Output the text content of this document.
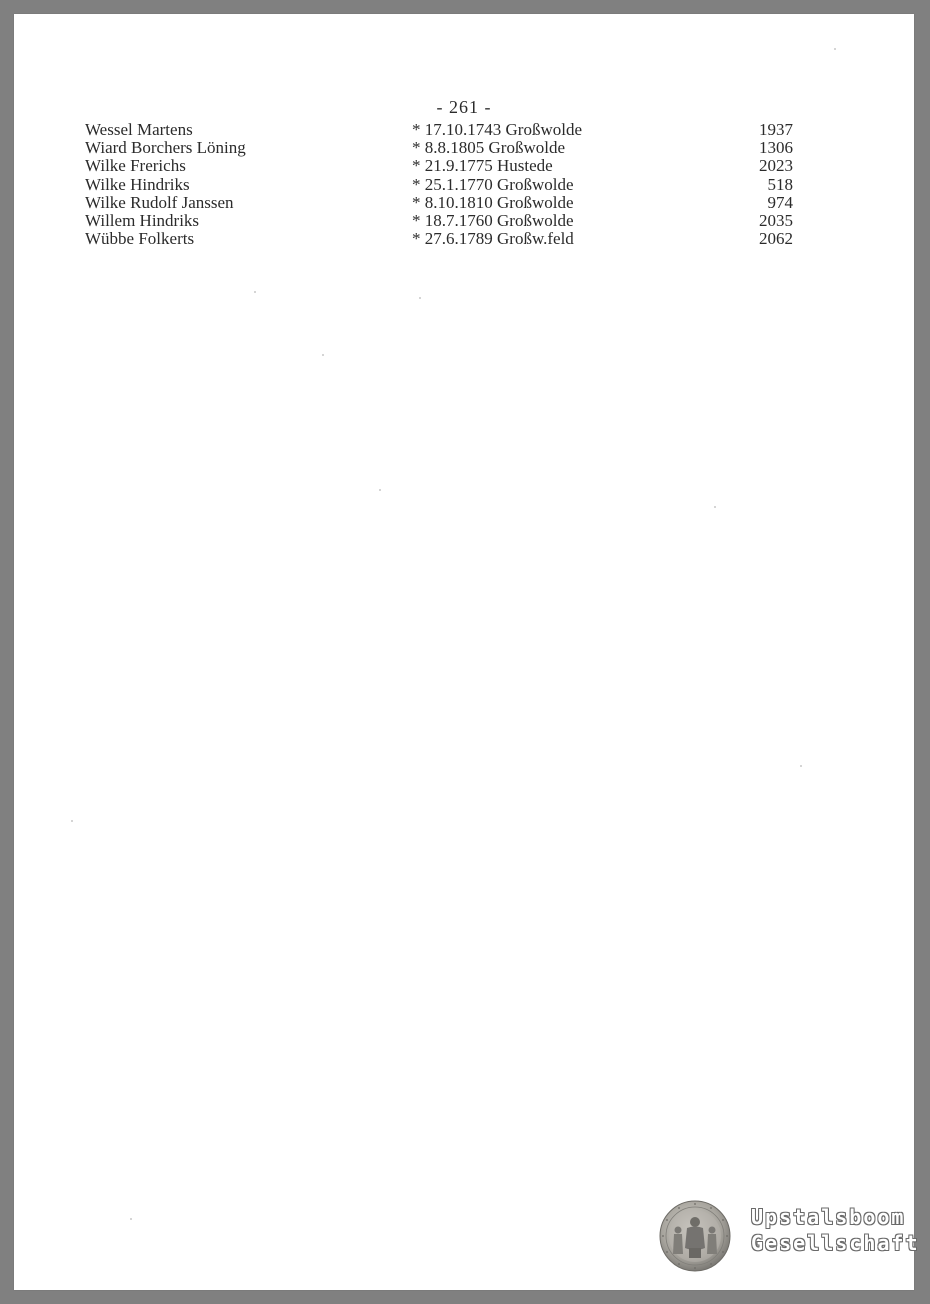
- 261 -
Wessel Martens	* 17.10.1743 Großwolde	1937
Wiard Borchers Löning	* 8.8.1805 Großwolde	1306
Wilke Frerichs	* 21.9.1775 Hustede	2023
Wilke Hindriks	* 25.1.1770 Großwolde	518
Wilke Rudolf Janssen	* 8.10.1810 Großwolde	974
Willem Hindriks	* 18.7.1760 Großwolde	2035
Wübbe Folkerts	* 27.6.1789 Großw.feld	2062
Upstalsboom
Gesellschaft
